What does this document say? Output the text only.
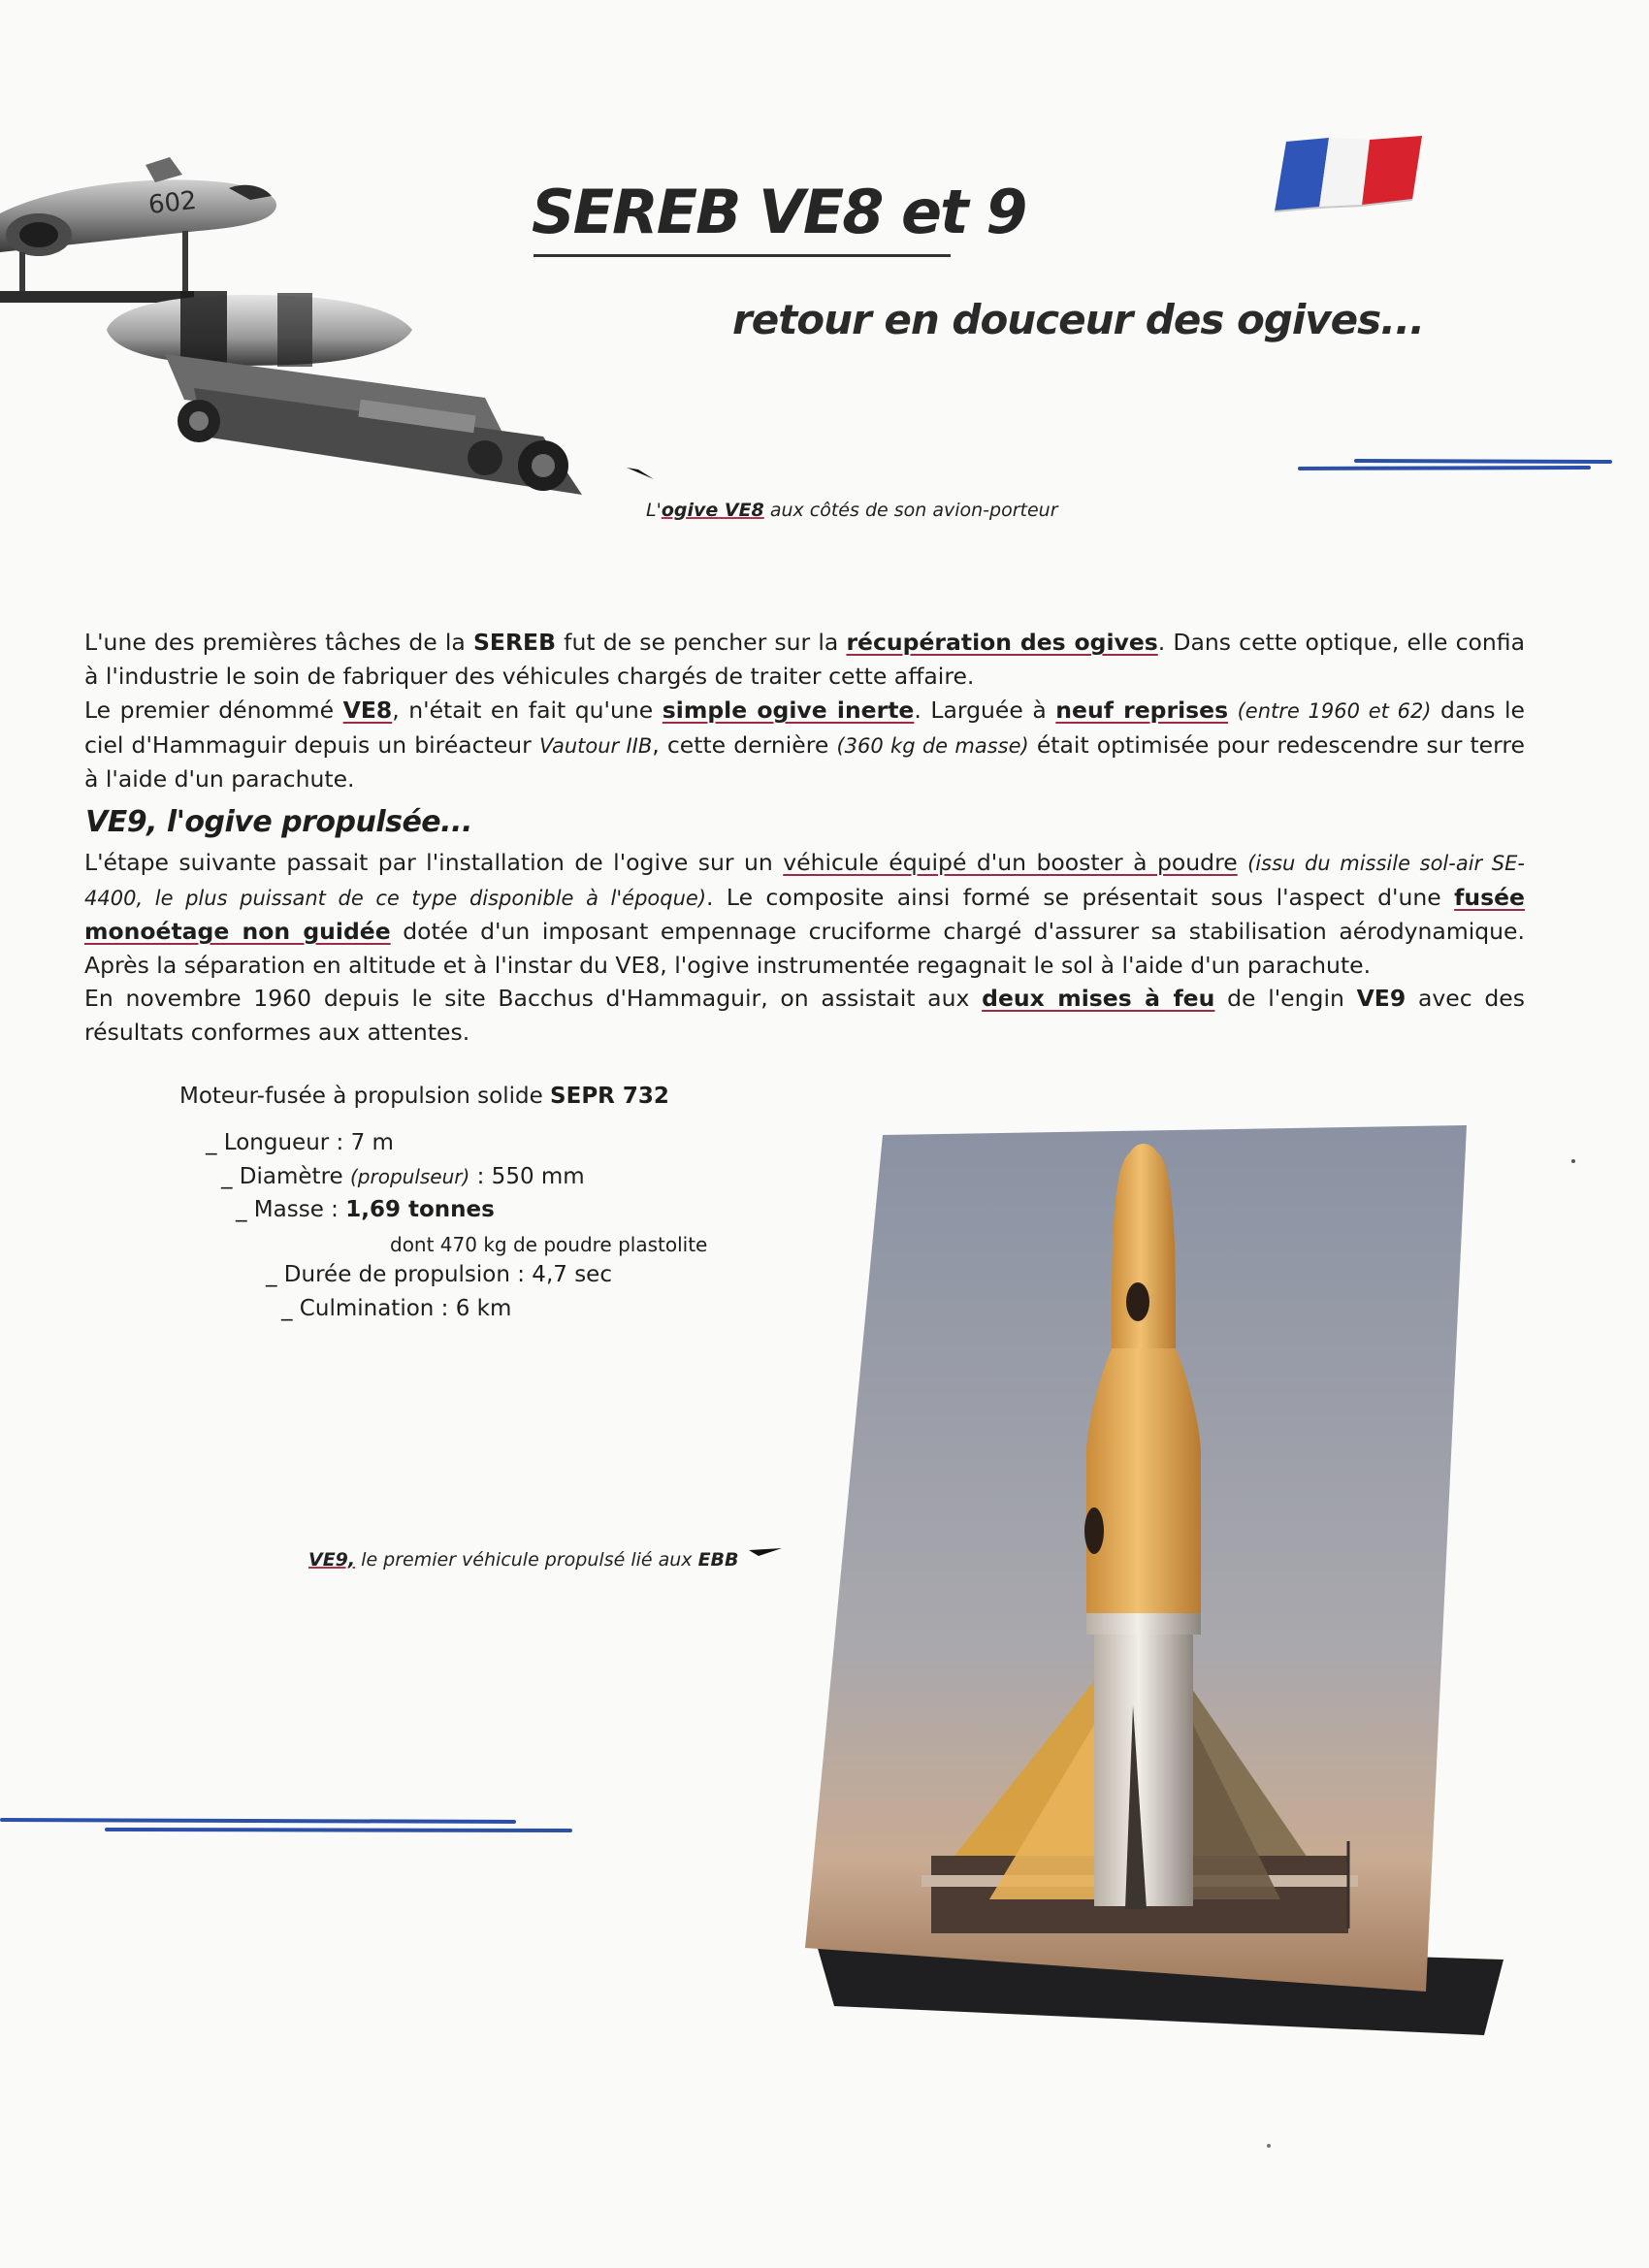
602	SEREB VE8 et 9
retour en douceur des ogives...
L'ogive VE8 aux côtés de son avion-porteur

L'une des premières tâches de la SEREB fut de se pencher sur la récupération des ogives. Dans cette optique, elle confia à l'industrie le soin de fabriquer des véhicules chargés de traiter cette affaire.

Le premier dénommé VE8, n'était en fait qu'une simple ogive inerte. Larguée à neuf reprises (entre 1960 et 62) dans le ciel d'Hammaguir depuis un biréacteur Vautour IIB, cette dernière (360 kg de masse) était optimisée pour redescendre sur terre à l'aide d'un parachute.

VE9, l'ogive propulsée...

L'étape suivante passait par l'installation de l'ogive sur un véhicule équipé d'un booster à poudre (issu du missile sol-air SE-4400, le plus puissant de ce type disponible à l'époque). Le composite ainsi formé se présentait sous l'aspect d'une fusée monoétage non guidée dotée d'un imposant empennage cruciforme chargé d'assurer sa stabilisation aérodynamique. Après la séparation en altitude et à l'instar du VE8, l'ogive instrumentée regagnait le sol à l'aide d'un parachute.

En novembre 1960 depuis le site Bacchus d'Hammaguir, on assistait aux deux mises à feu de l'engin VE9 avec des résultats conformes aux attentes.

Moteur-fusée à propulsion solide SEPR 732
_ Longueur : 7 m
_ Diamètre (propulseur) : 550 mm
_ Masse : 1,69 tonnes
dont 470 kg de poudre plastolite
_ Durée de propulsion : 4,7 sec
_ Culmination : 6 km
VE9, le premier véhicule propulsé lié aux EBB
